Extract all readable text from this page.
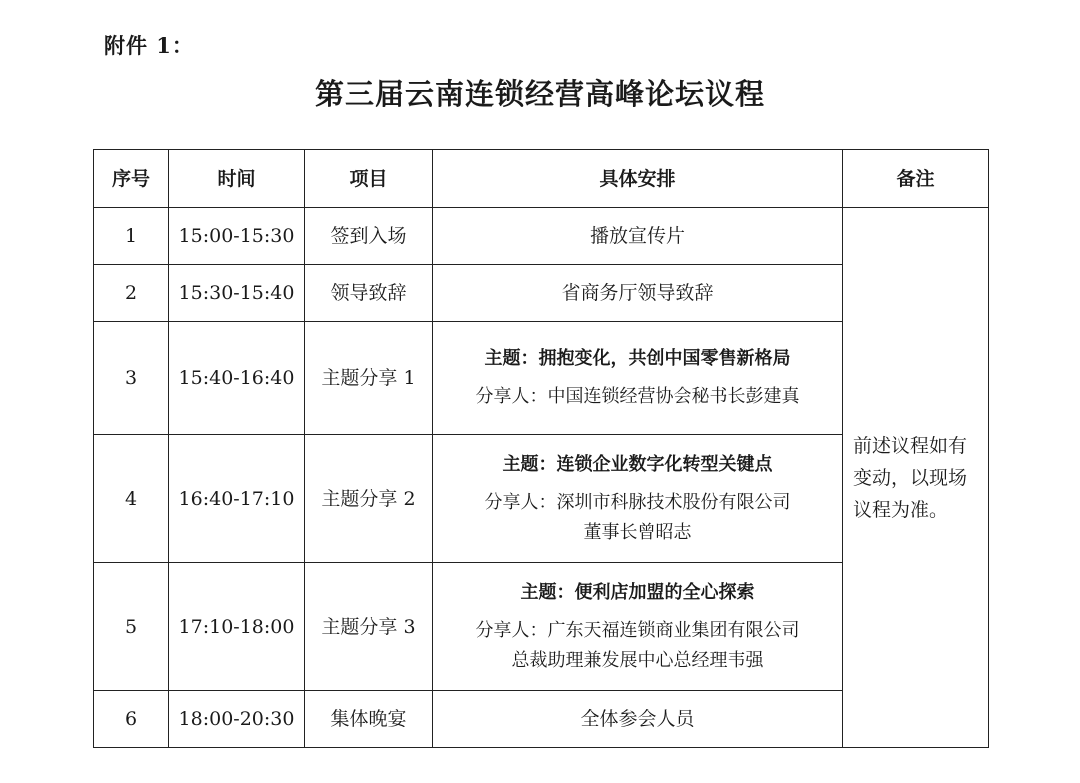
附件 1：
第三届云南连锁经营高峰论坛议程
序号	时间	项目	具体安排	备注
1	15:00-15:30	签到入场	播放宣传片	前述议程如有变动，以现场议程为准。
2	15:30-15:40	领导致辞	省商务厅领导致辞	
3	15:40-16:40	主题分享 1	主题：拥抱变化，共创中国零售新格局
分享人：中国连锁经营协会秘书长彭建真	

4	16:40-17:10	主题分享 2	主题：连锁企业数字化转型关键点
分享人：深圳市科脉技术股份有限公司
董事长曾昭志	

5	17:10-18:00	主题分享 3	主题：便利店加盟的全心探索
分享人：广东天福连锁商业集团有限公司
总裁助理兼发展中心总经理韦强	

6	18:00-20:30	集体晚宴	全体参会人员	
